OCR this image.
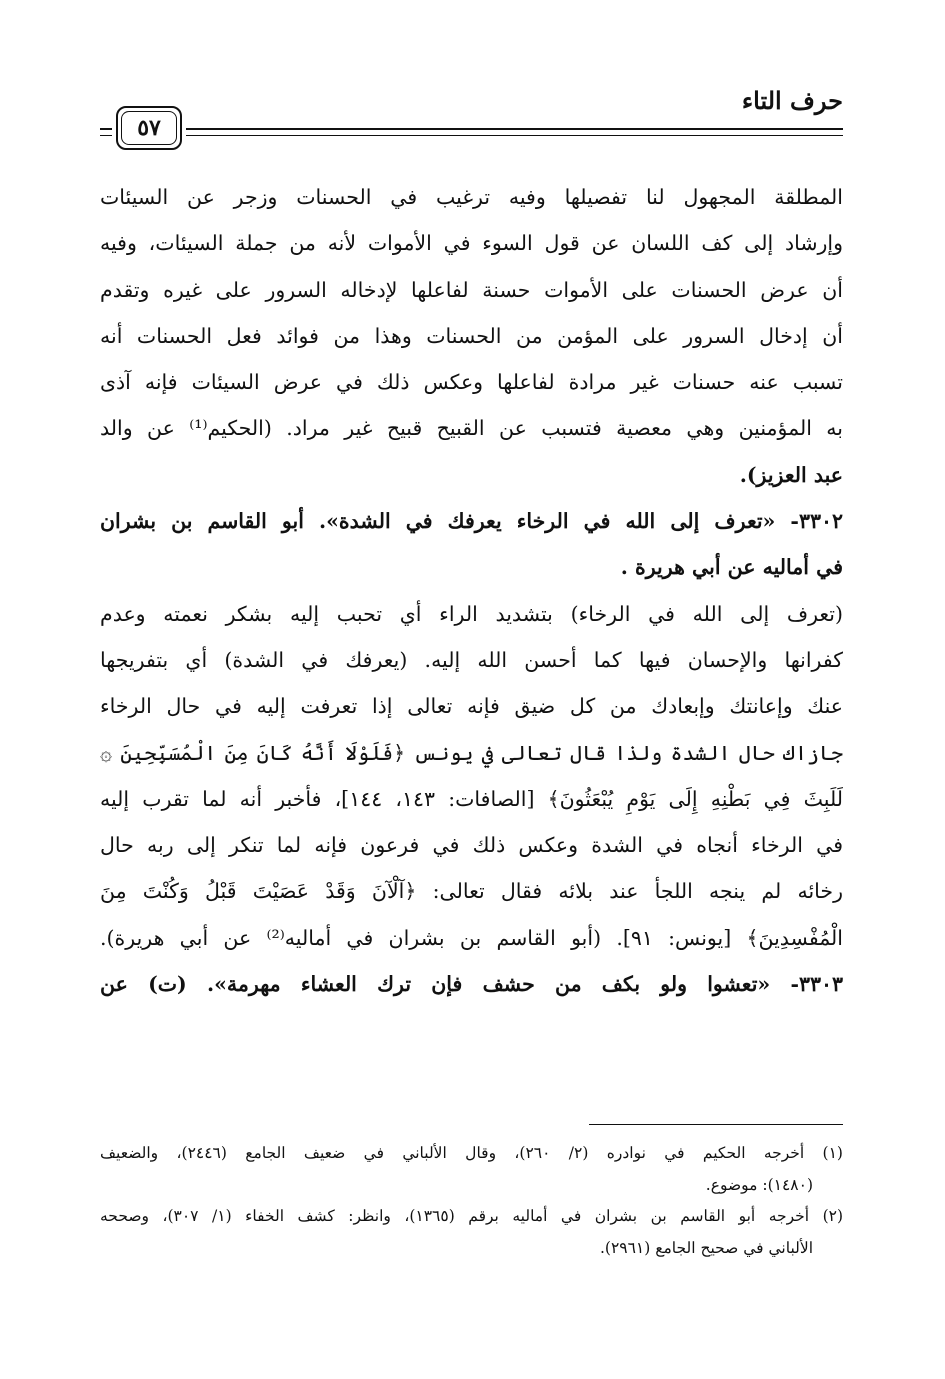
حرف التاء
٥٧
المطلقة المجهول لنا تفصيلها وفيه ترغيب في الحسنات وزجر عن السيئات
وإرشاد إلى كف اللسان عن قول السوء في الأموات لأنه من جملة السيئات، وفيه
أن عرض الحسنات على الأموات حسنة لفاعلها لإدخاله السرور على غيره وتقدم
أن إدخال السرور على المؤمن من الحسنات وهذا من فوائد فعل الحسنات أنه
تسبب عنه حسنات غير مرادة لفاعلها وعكس ذلك في عرض السيئات فإنه آذى
به المؤمنين وهي معصية فتسبب عن القبيح قبيح غير مراد. (الحكيم⁽¹⁾ عن والد
عبد العزيز).
٣٣٠٢- «تعرف إلى الله في الرخاء يعرفك في الشدة». أبو القاسم بن بشران
في أماليه عن أبي هريرة .
(تعرف إلى الله في الرخاء) بتشديد الراء أي تحبب إليه بشكر نعمته وعدم
كفرانها والإحسان فيها كما أحسن الله إليه. (يعرفك في الشدة) أي بتفريجها
عنك وإعانتك وإبعادك من كل ضيق فإنه تعالى إذا تعرفت إليه في حال الرخاء
جازاك حال الشدة ولذا قال تعالى في يونس ﴿فَلَوْلَا أَنَّهُ كَانَ مِنَ الْمُسَبِّحِينَ ۞
لَلَبِثَ فِي بَطْنِهِ إِلَى يَوْمِ يُبْعَثُونَ﴾ [الصافات: ١٤٣، ١٤٤]، فأخبر أنه لما تقرب إليه
في الرخاء أنجاه في الشدة وعكس ذلك في فرعون فإنه لما تنكر إلى ربه حال
رخائه لم ينجه اللجأ عند بلائه فقال تعالى: ﴿آلْآنَ وَقَدْ عَصَيْتَ قَبْلُ وَكُنْتَ مِنَ
الْمُفْسِدِينَ﴾ [يونس: ٩١]. (أبو القاسم بن بشران في أماليه⁽²⁾ عن أبي هريرة).
٣٣٠٣- «تعشوا ولو بكف من حشف فإن ترك العشاء مهرمة». (ت) عن
(١) أخرجه الحكيم في نوادره (٢/ ٢٦٠)، وقال الألباني في ضعيف الجامع (٢٤٤٦)، والضعيف
(١٤٨٠): موضوع.
(٢) أخرجه أبو القاسم بن بشران في أماليه برقم (١٣٦٥)، وانظر: كشف الخفاء (١/ ٣٠٧)، وصححه
الألباني في صحيح الجامع (٢٩٦١).
